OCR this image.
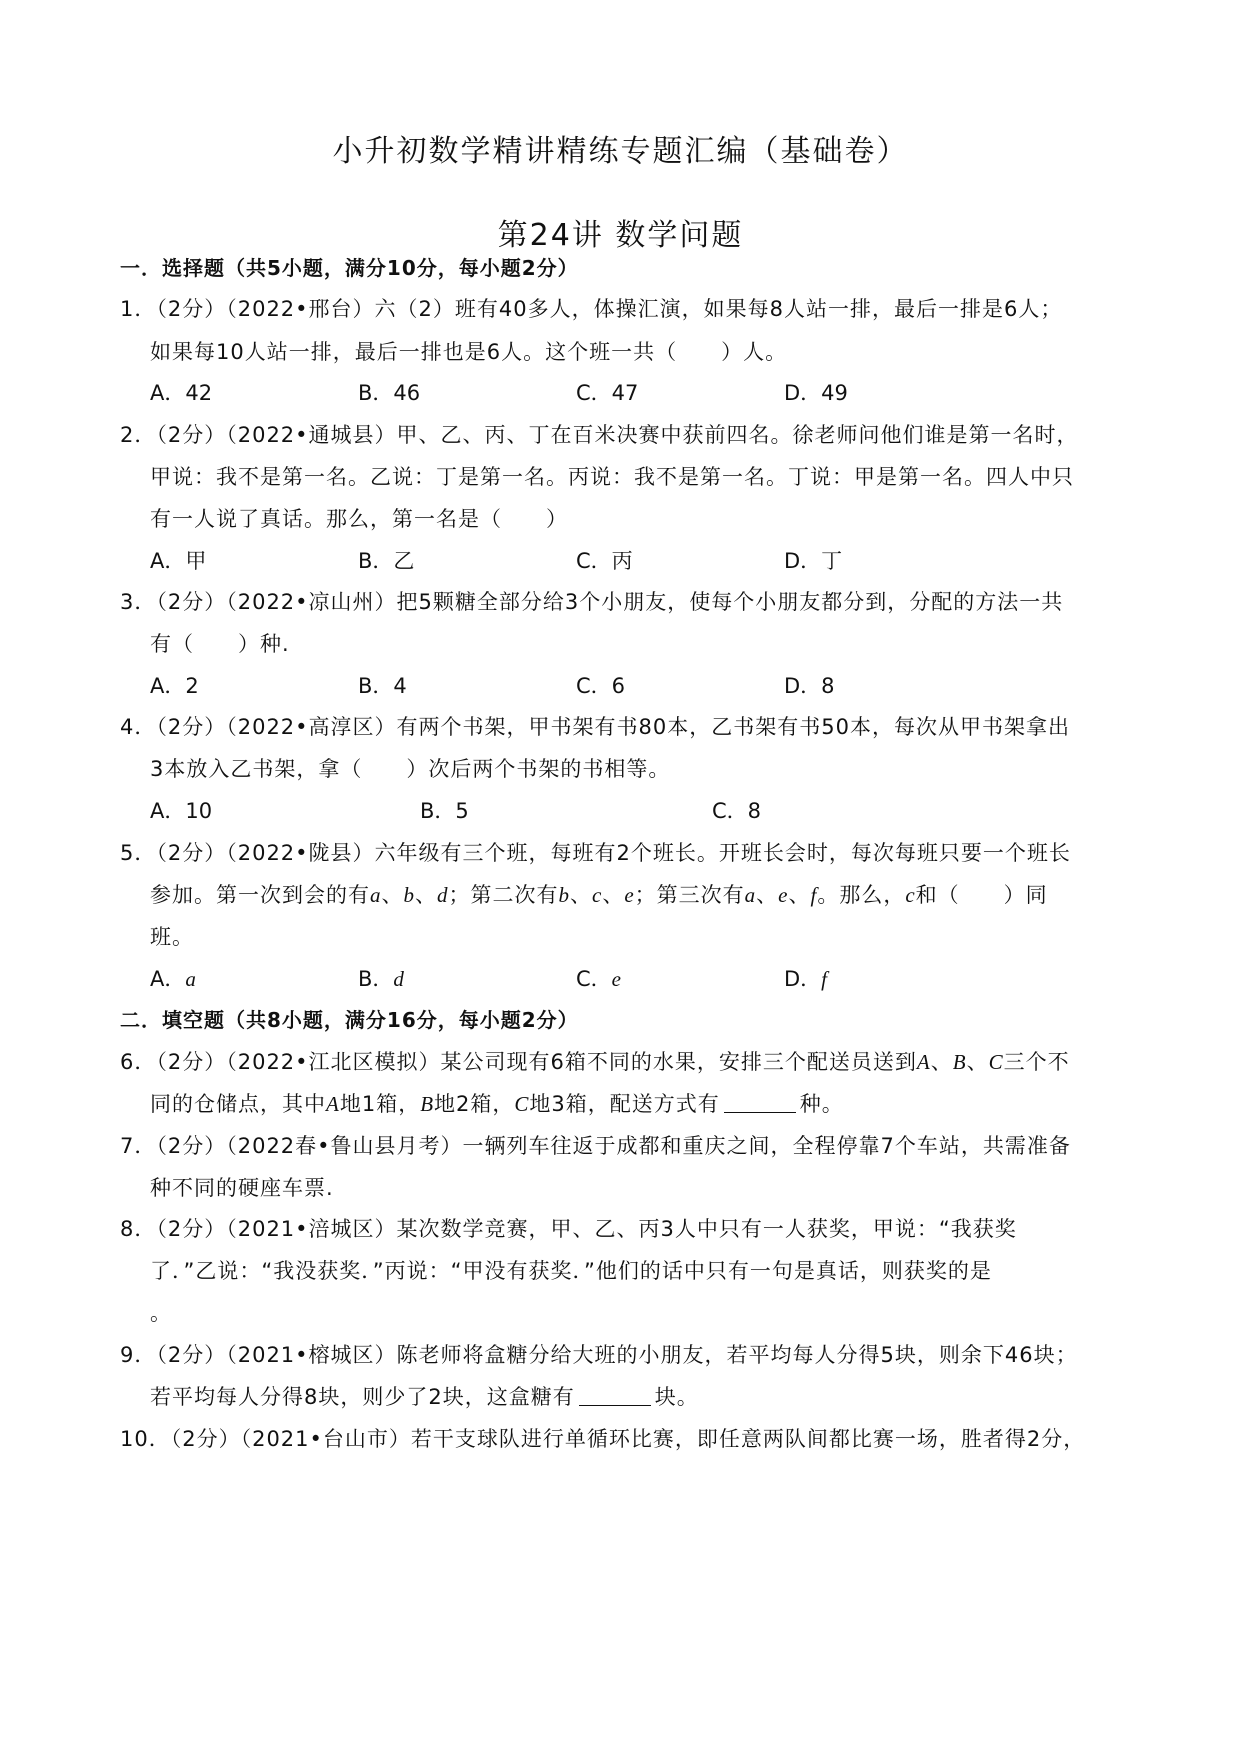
小升初数学精讲精练专题汇编（基础卷）
第24讲 数学问题
一．选择题（共5小题，满分10分，每小题2分）
1．（2分）（2022•邢台）六（2）班有40多人，体操汇演，如果每8人站一排，最后一排是6人；
如果每10人站一排，最后一排也是6人。这个班一共（　　）人。
A．42	B．46	C．47	D．49
2．（2分）（2022•通城县）甲、乙、丙、丁在百米决赛中获前四名。徐老师问他们谁是第一名时，
甲说：我不是第一名。乙说：丁是第一名。丙说：我不是第一名。丁说：甲是第一名。四人中只
有一人说了真话。那么，第一名是（　　）
A．甲	B．乙	C．丙	D．丁
3．（2分）（2022•凉山州）把5颗糖全部分给3个小朋友，使每个小朋友都分到，分配的方法一共
有（　　）种.
A．2	B．4	C．6	D．8
4．（2分）（2022•高淳区）有两个书架，甲书架有书80本，乙书架有书50本，每次从甲书架拿出
3本放入乙书架，拿（　　）次后两个书架的书相等。
A．10	B．5	C．8
5．（2分）（2022•陇县）六年级有三个班，每班有2个班长。开班长会时，每次每班只要一个班长
参加。第一次到会的有a、b、d；第二次有b、c、e；第三次有a、e、f。那么，c和（　　）同
班。
A．a	B．d	C．e	D．f
二．填空题（共8小题，满分16分，每小题2分）
6．（2分）（2022•江北区模拟）某公司现有6箱不同的水果，安排三个配送员送到A、B、C三个不
同的仓储点，其中A地1箱，B地2箱，C地3箱，配送方式有	种。
7．（2分）（2022春•鲁山县月考）一辆列车往返于成都和重庆之间，全程停靠7个车站，共需准备
种不同的硬座车票.
8．（2分）（2021•涪城区）某次数学竞赛，甲、乙、丙3人中只有一人获奖，甲说：“我获奖
了．”乙说：“我没获奖．”丙说：“甲没有获奖．”他们的话中只有一句是真话，则获奖的是
。
9．（2分）（2021•榕城区）陈老师将盒糖分给大班的小朋友，若平均每人分得5块，则余下46块；
若平均每人分得8块，则少了2块，这盒糖有	块。
10．（2分）（2021•台山市）若干支球队进行单循环比赛，即任意两队间都比赛一场，胜者得2分，
